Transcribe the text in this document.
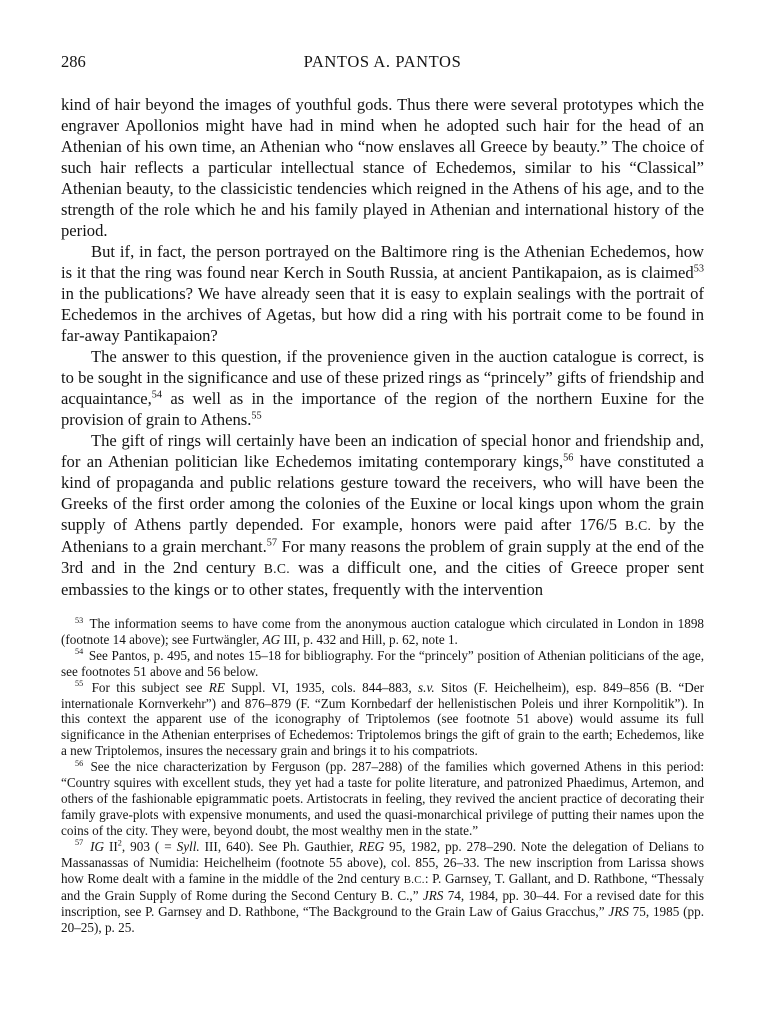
286	PANTOS A. PANTOS

kind of hair beyond the images of youthful gods. Thus there were several prototypes which the engraver Apollonios might have had in mind when he adopted such hair for the head of an Athenian of his own time, an Athenian who “now enslaves all Greece by beauty.” The choice of such hair reflects a particular intellectual stance of Echedemos, similar to his “Classical” Athenian beauty, to the classicistic tendencies which reigned in the Athens of his age, and to the strength of the role which he and his family played in Athenian and international history of the period.

But if, in fact, the person portrayed on the Baltimore ring is the Athenian Echedemos, how is it that the ring was found near Kerch in South Russia, at ancient Pantikapaion, as is claimed$^{53}$ in the publications? We have already seen that it is easy to explain sealings with the portrait of Echedemos in the archives of Agetas, but how did a ring with his portrait come to be found in far-away Pantikapaion?

The answer to this question, if the provenience given in the auction catalogue is correct, is to be sought in the significance and use of these prized rings as “princely” gifts of friendship and acquaintance,$^{54}$ as well as in the importance of the region of the northern Euxine for the provision of grain to Athens.$^{55}$

The gift of rings will certainly have been an indication of special honor and friendship and, for an Athenian politician like Echedemos imitating contemporary kings,$^{56}$ have constituted a kind of propaganda and public relations gesture toward the receivers, who will have been the Greeks of the first order among the colonies of the Euxine or local kings upon whom the grain supply of Athens partly depended. For example, honors were paid after 176/5 B.C. by the Athenians to a grain merchant.$^{57}$ For many reasons the problem of grain supply at the end of the 3rd and in the 2nd century B.C. was a difficult one, and the cities of Greece proper sent embassies to the kings or to other states, frequently with the intervention

$^{53}$ The information seems to have come from the anonymous auction catalogue which circulated in London in 1898 (footnote 14 above); see Furtwängler, AG III, p. 432 and Hill, p. 62, note 1.

$^{54}$ See Pantos, p. 495, and notes 15–18 for bibliography. For the “princely” position of Athenian politicians of the age, see footnotes 51 above and 56 below.

$^{55}$ For this subject see RE Suppl. VI, 1935, cols. 844–883, s.v. Sitos (F. Heichelheim), esp. 849–856 (B. “Der internationale Kornverkehr”) and 876–879 (F. “Zum Kornbedarf der hellenistischen Poleis und ihrer Kornpolitik”). In this context the apparent use of the iconography of Triptolemos (see footnote 51 above) would assume its full significance in the Athenian enterprises of Echedemos: Triptolemos brings the gift of grain to the earth; Echedemos, like a new Triptolemos, insures the necessary grain and brings it to his compatriots.

$^{56}$ See the nice characterization by Ferguson (pp. 287–288) of the families which governed Athens in this period: “Country squires with excellent studs, they yet had a taste for polite literature, and patronized Phaedimus, Artemon, and others of the fashionable epigrammatic poets. Artistocrats in feeling, they revived the ancient practice of decorating their family grave-plots with expensive monuments, and used the quasi-monarchical privilege of putting their names upon the coins of the city. They were, beyond doubt, the most wealthy men in the state.”

$^{57}$ IG $II^2$, 903 ( = Syll. III, 640). See Ph. Gauthier, REG 95, 1982, pp. 278–290. Note the delegation of Delians to Massanassas of Numidia: Heichelheim (footnote 55 above), col. 855, 26–33. The new inscription from Larissa shows how Rome dealt with a famine in the middle of the 2nd century B.C.: P. Garnsey, T. Gallant, and D. Rathbone, “Thessaly and the Grain Supply of Rome during the Second Century B. C.,” JRS 74, 1984, pp. 30–44. For a revised date for this inscription, see P. Garnsey and D. Rathbone, “The Background to the Grain Law of Gaius Gracchus,” JRS 75, 1985 (pp. 20–25), p. 25.
